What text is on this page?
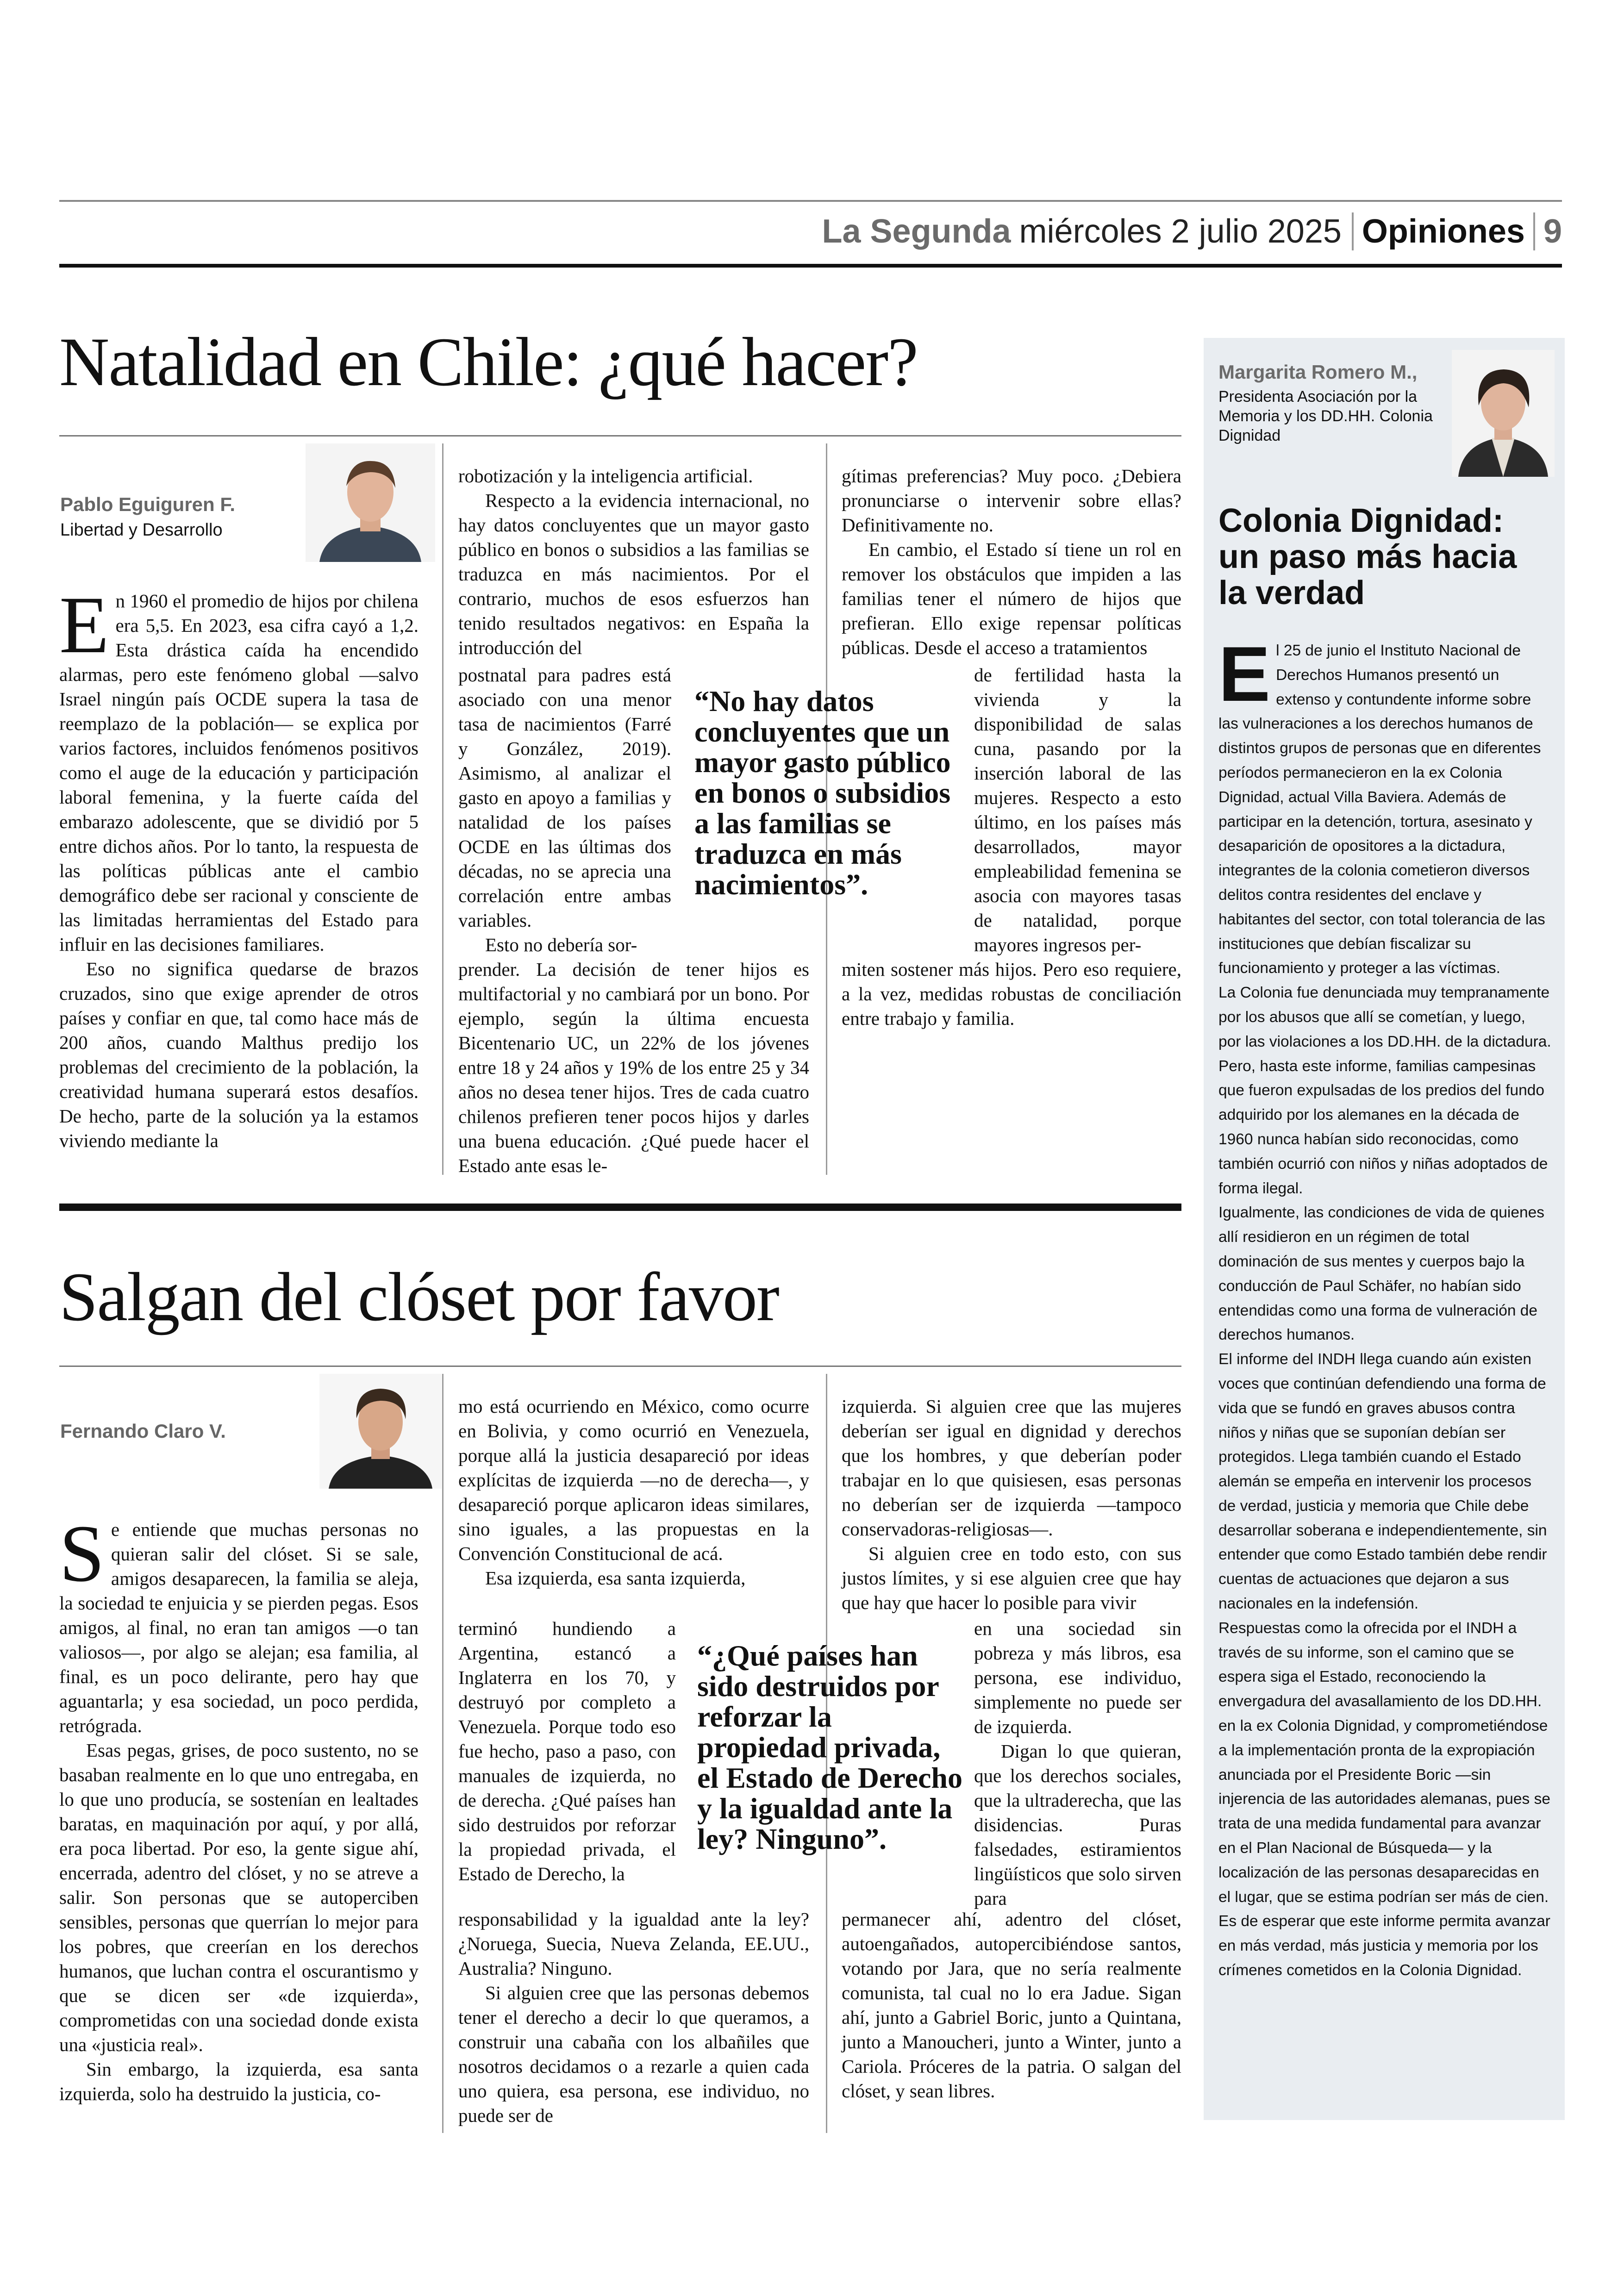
La Segunda miércoles 2 julio 2025 Opiniones 9
Natalidad en Chile: ¿qué hacer?
Pablo Eguiguren F.
Libertad y Desarrollo

En 1960 el promedio de hijos por chilena era 5,5. En 2023, esa cifra cayó a 1,2. Esta drástica caída ha encendido alarmas, pero este fenómeno global —salvo Israel ningún país OCDE supera la tasa de reemplazo de la población— se explica por varios factores, incluidos fenómenos positivos como el auge de la educación y participación laboral femenina, y la fuerte caída del embarazo adolescente, que se dividió por 5 entre dichos años. Por lo tanto, la respuesta de las políticas públicas ante el cambio demográfico debe ser racional y consciente de las limitadas herramientas del Estado para influir en las decisiones familiares.

Eso no significa quedarse de brazos cruzados, sino que exige aprender de otros países y confiar en que, tal como hace más de 200 años, cuando Malthus predijo los problemas del crecimiento de la población, la creatividad humana superará estos desafíos. De hecho, parte de la solución ya la estamos viviendo mediante la

robotización y la inteligencia artificial.

Respecto a la evidencia internacional, no hay datos concluyentes que un mayor gasto público en bonos o subsidios a las familias se traduzca en más nacimientos. Por el contrario, muchos de esos esfuerzos han tenido resultados negativos: en España la introducción del

postnatal para padres está asociado con una menor tasa de nacimientos (Farré y González, 2019). Asimismo, al analizar el gasto en apoyo a familias y natalidad de los países OCDE en las últimas dos décadas, no se aprecia una correlación entre ambas variables.

Esto no debería sor-

prender. La decisión de tener hijos es multifactorial y no cambiará por un bono. Por ejemplo, según la última encuesta Bicentenario UC, un 22% de los jóvenes entre 18 y 24 años y 19% de los entre 25 y 34 años no desea tener hijos. Tres de cada cuatro chilenos prefieren tener pocos hijos y darles una buena educación. ¿Qué puede hacer el Estado ante esas le-

gítimas preferencias? Muy poco. ¿Debiera pronunciarse o intervenir sobre ellas? Definitivamente no.

En cambio, el Estado sí tiene un rol en remover los obstáculos que impiden a las familias tener el número de hijos que prefieran. Ello exige repensar políticas públicas. Desde el acceso a tratamientos

de fertilidad hasta la vivienda y la disponibilidad de salas cuna, pasando por la inserción laboral de las mujeres. Respecto a esto último, en los países más desarrollados, mayor empleabilidad femenina se asocia con mayores tasas de natalidad, porque mayores ingresos per-

miten sostener más hijos. Pero eso requiere, a la vez, medidas robustas de conciliación entre trabajo y familia.

“No hay datos concluyentes que un mayor gasto público en bonos o subsidios a las familias se traduzca en más nacimientos”.
Salgan del clóset por favor
Fernando Claro V.

Se entiende que muchas personas no quieran salir del clóset. Si se sale, amigos desaparecen, la familia se aleja, la sociedad te enjuicia y se pierden pegas. Esos amigos, al final, no eran tan amigos —o tan valiosos—, por algo se alejan; esa familia, al final, es un poco delirante, pero hay que aguantarla; y esa sociedad, un poco perdida, retrógrada.

Esas pegas, grises, de poco sustento, no se basaban realmente en lo que uno entregaba, en lo que uno producía, se sostenían en lealtades baratas, en maquinación por aquí, y por allá, era poca libertad. Por eso, la gente sigue ahí, encerrada, adentro del clóset, y no se atreve a salir. Son personas que se autoperciben sensibles, personas que querrían lo mejor para los pobres, que creerían en los derechos humanos, que luchan contra el oscurantismo y que se dicen ser «de izquierda», comprometidas con una sociedad donde exista una «justicia real».

Sin embargo, la izquierda, esa santa izquierda, solo ha destruido la justicia, co-

mo está ocurriendo en México, como ocurre en Bolivia, y como ocurrió en Venezuela, porque allá la justicia desapareció por ideas explícitas de izquierda —no de derecha—, y desapareció porque aplicaron ideas similares, sino iguales, a las propuestas en la Convención Constitucional de acá.

Esa izquierda, esa santa izquierda,

terminó hundiendo a Argentina, estancó a Inglaterra en los 70, y destruyó por completo a Venezuela. Porque todo eso fue hecho, paso a paso, con manuales de izquierda, no de derecha. ¿Qué países han sido destruidos por reforzar la propiedad privada, el Estado de Derecho, la

responsabilidad y la igualdad ante la ley? ¿Noruega, Suecia, Nueva Zelanda, EE.UU., Australia? Ninguno.

Si alguien cree que las personas debemos tener el derecho a decir lo que queramos, a construir una cabaña con los albañiles que nosotros decidamos o a rezarle a quien cada uno quiera, esa persona, ese individuo, no puede ser de

izquierda. Si alguien cree que las mujeres deberían ser igual en dignidad y derechos que los hombres, y que deberían poder trabajar en lo que quisiesen, esas personas no deberían ser de izquierda —tampoco conservadoras-religiosas—.

Si alguien cree en todo esto, con sus justos límites, y si ese alguien cree que hay que hay que hacer lo posible para vivir

en una sociedad sin pobreza y más libros, esa persona, ese individuo, simplemente no puede ser de izquierda.

Digan lo que quieran, que los derechos sociales, que la ultraderecha, que las disidencias. Puras falsedades, estiramientos lingüísticos que solo sirven para

permanecer ahí, adentro del clóset, autoengañados, autopercibiéndose santos, votando por Jara, que no sería realmente comunista, tal cual no lo era Jadue. Sigan ahí, junto a Gabriel Boric, junto a Quintana, junto a Manoucheri, junto a Winter, junto a Cariola. Próceres de la patria. O salgan del clóset, y sean libres.

“¿Qué países han sido destruidos por reforzar la propiedad privada, el Estado de Derecho y la igualdad ante la ley? Ninguno”.
Margarita Romero M.,
Presidenta Asociación por la Memoria y los DD.HH. Colonia Dignidad
Colonia Dignidad: un paso más hacia la verdad

El 25 de junio el Instituto Nacional de Derechos Humanos presentó un extenso y contundente informe sobre las vulneraciones a los derechos humanos de distintos grupos de personas que en diferentes períodos permanecieron en la ex Colonia Dignidad, actual Villa Baviera. Además de participar en la detención, tortura, asesinato y desaparición de opositores a la dictadura, integrantes de la colonia cometieron diversos delitos contra residentes del enclave y habitantes del sector, con total tolerancia de las instituciones que debían fiscalizar su funcionamiento y proteger a las víctimas.

La Colonia fue denunciada muy tempranamente por los abusos que allí se cometían, y luego, por las violaciones a los DD.HH. de la dictadura. Pero, hasta este informe, familias campesinas que fueron expulsadas de los predios del fundo adquirido por los alemanes en la década de 1960 nunca habían sido reconocidas, como también ocurrió con niños y niñas adoptados de forma ilegal.

Igualmente, las condiciones de vida de quienes allí residieron en un régimen de total dominación de sus mentes y cuerpos bajo la conducción de Paul Schäfer, no habían sido entendidas como una forma de vulneración de derechos humanos.

El informe del INDH llega cuando aún existen voces que continúan defendiendo una forma de vida que se fundó en graves abusos contra niños y niñas que se suponían debían ser protegidos. Llega también cuando el Estado alemán se empeña en intervenir los procesos de verdad, justicia y memoria que Chile debe desarrollar soberana e independientemente, sin entender que como Estado también debe rendir cuentas de actuaciones que dejaron a sus nacionales en la indefensión.

Respuestas como la ofrecida por el INDH a través de su informe, son el camino que se espera siga el Estado, reconociendo la envergadura del avasallamiento de los DD.HH. en la ex Colonia Dignidad, y comprometiéndose a la implementación pronta de la expropiación anunciada por el Presidente Boric —sin injerencia de las autoridades alemanas, pues se trata de una medida fundamental para avanzar en el Plan Nacional de Búsqueda— y la localización de las personas desaparecidas en el lugar, que se estima podrían ser más de cien.

Es de esperar que este informe permita avanzar en más verdad, más justicia y memoria por los crímenes cometidos en la Colonia Dignidad.
